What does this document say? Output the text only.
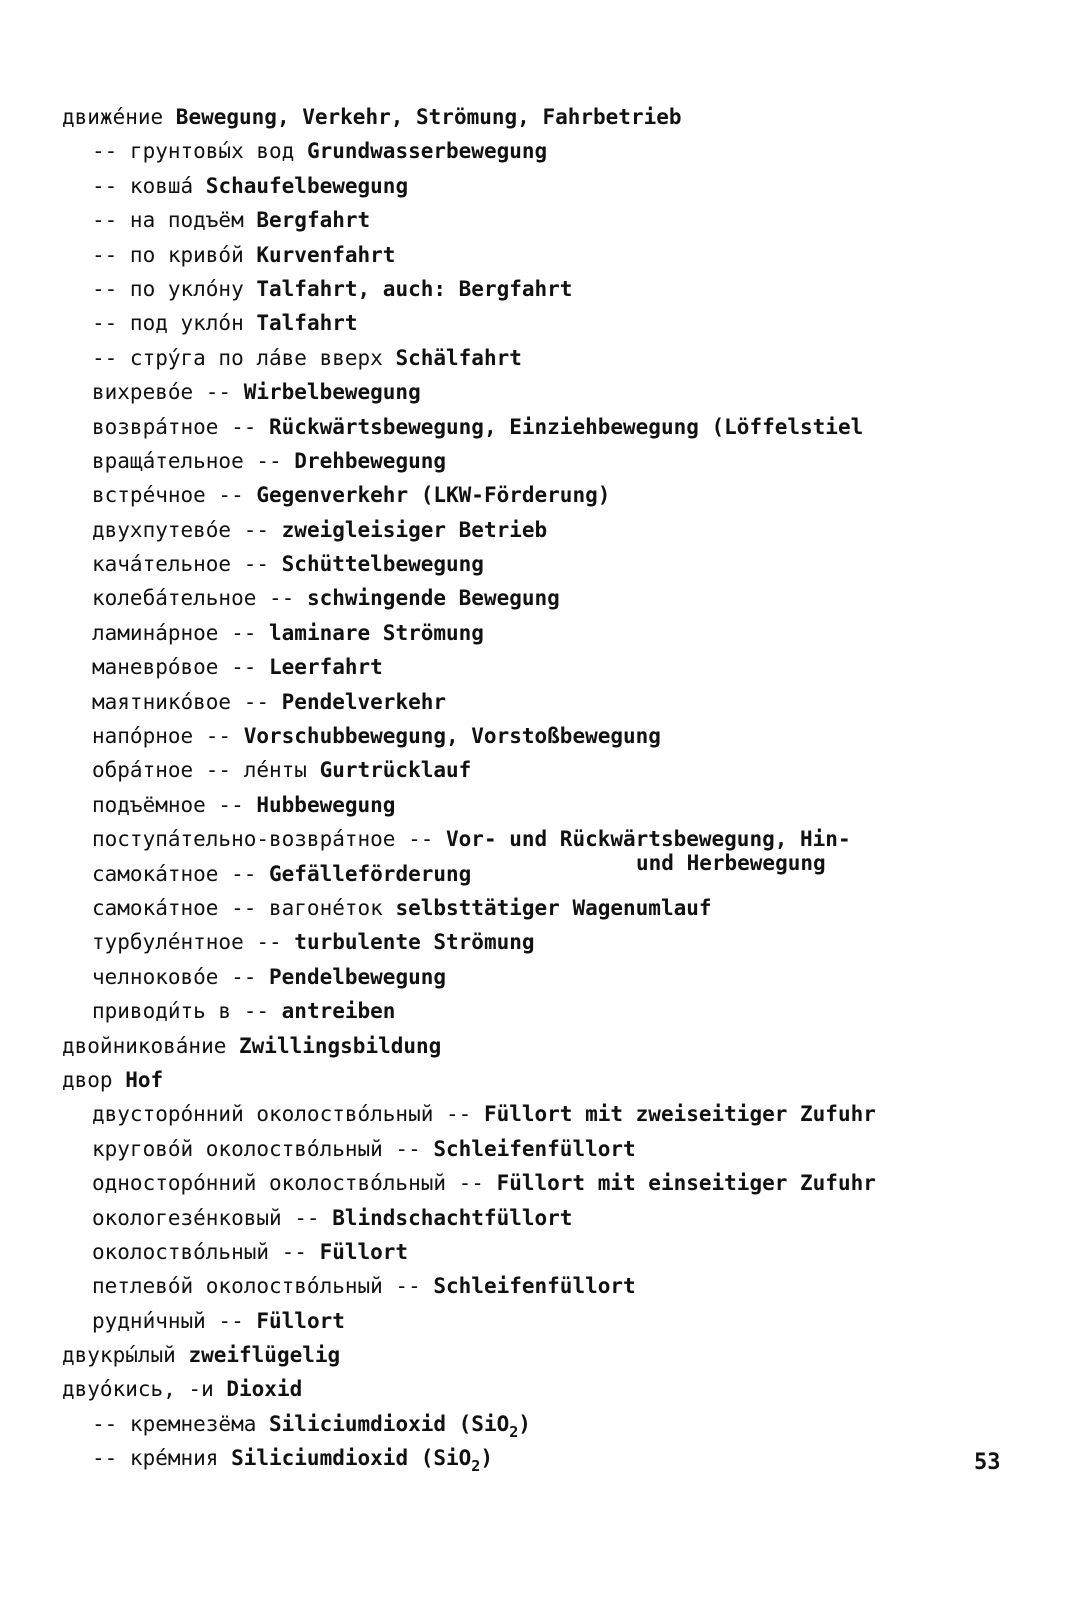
движе́ние Bewegung, Verkehr, Strömung, Fahrbetrieb
-- грунтовы́х вод Grundwasserbewegung
-- ковша́ Schaufelbewegung
-- на подъём Bergfahrt
-- по криво́й Kurvenfahrt
-- по укло́ну Talfahrt, auch: Bergfahrt
-- под укло́н Talfahrt
-- стру́га по ла́ве вверх Schälfahrt
вихрево́е -- Wirbelbewegung
возвра́тное -- Rückwärtsbewegung, Einziehbewegung (Löffelstiel
враща́тельное -- Drehbewegung
встре́чное -- Gegenverkehr (LKW-Förderung)
двухпутево́е -- zweigleisiger Betrieb
кача́тельное -- Schüttelbewegung
колеба́тельное -- schwingende Bewegung
ламина́рное -- laminare Strömung
маневро́вое -- Leerfahrt
маятнико́вое -- Pendelverkehr
напо́рное -- Vorschubbewegung, Vorstoßbewegung
обра́тное -- ле́нты Gurtrücklauf
подъёмное -- Hubbewegung
поступа́тельно-возвра́тное -- Vor- und Rückwärtsbewegung, Hin-
самока́тное -- Gefälleförderung
самока́тное -- вагоне́ток selbsttätiger Wagenumlauf
турбуле́нтное -- turbulente Strömung
челноково́е -- Pendelbewegung
приводи́ть в -- antreiben
двойникова́ние Zwillingsbildung
двор Hof
двусторо́нний околоство́льный -- Füllort mit zweiseitiger Zufuhr
кругово́й околоство́льный -- Schleifenfüllort
односторо́нний околоство́льный -- Füllort mit einseitiger Zufuhr
окологезе́нковый -- Blindschachtfüllort
околоство́льный -- Füllort
петлево́й околоство́льный -- Schleifenfüllort
рудни́чный -- Füllort
двукры́лый zweiflügelig
двуо́кись, -и Dioxid
-- кремнезёма Siliciumdioxid (SiO$_2$)
-- кре́мния Siliciumdioxid (SiO$_2$)
und Herbewegung
53
